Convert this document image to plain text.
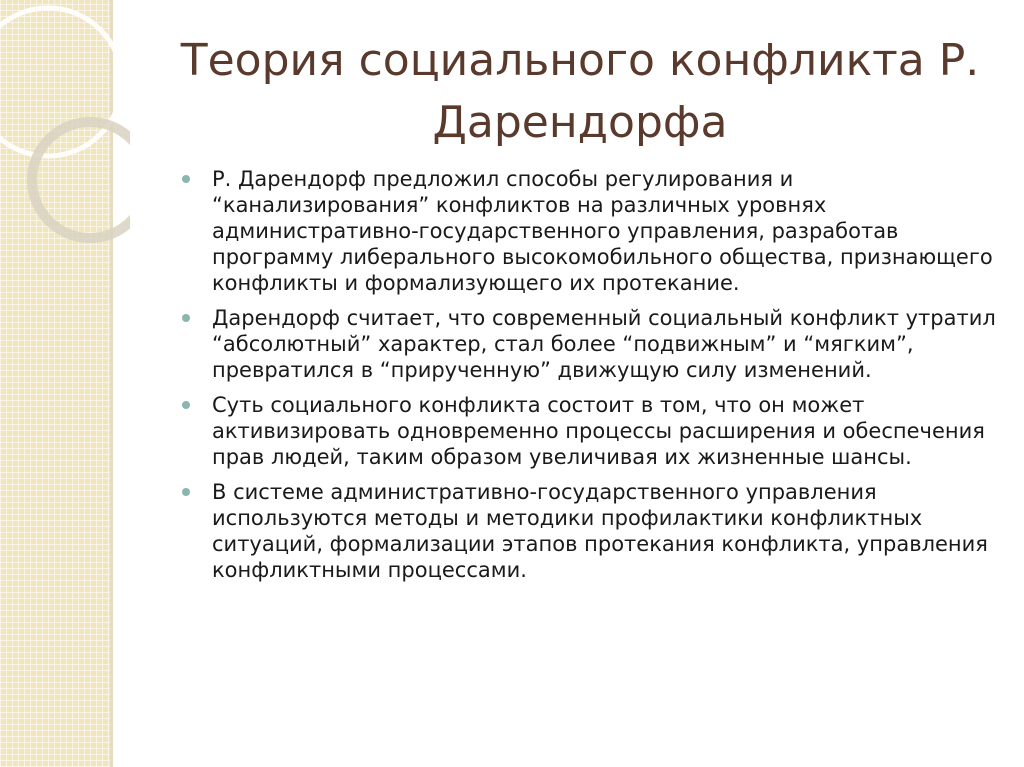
Теория социального конфликта Р. Дарендорфа
Р. Дарендорф предложил способы регулирования и “канализирования” конфликтов на различных уровнях административно-государственного управления, разработав программу либерального высокомобильного общества, признающего конфликты и формализующего их протекание.
Дарендорф считает, что современный социальный конфликт утратил “абсолютный” характер, стал более “подвижным” и “мягким”, превратился в “прирученную” движущую силу изменений.
Суть социального конфликта состоит в том, что он может активизировать одновременно процессы расширения и обеспечения прав людей, таким образом увеличивая их жизненные шансы.
В системе административно-государственного управления используются методы и методики профилактики конфликтных ситуаций, формализации этапов протекания конфликта, управления конфликтными процессами.
